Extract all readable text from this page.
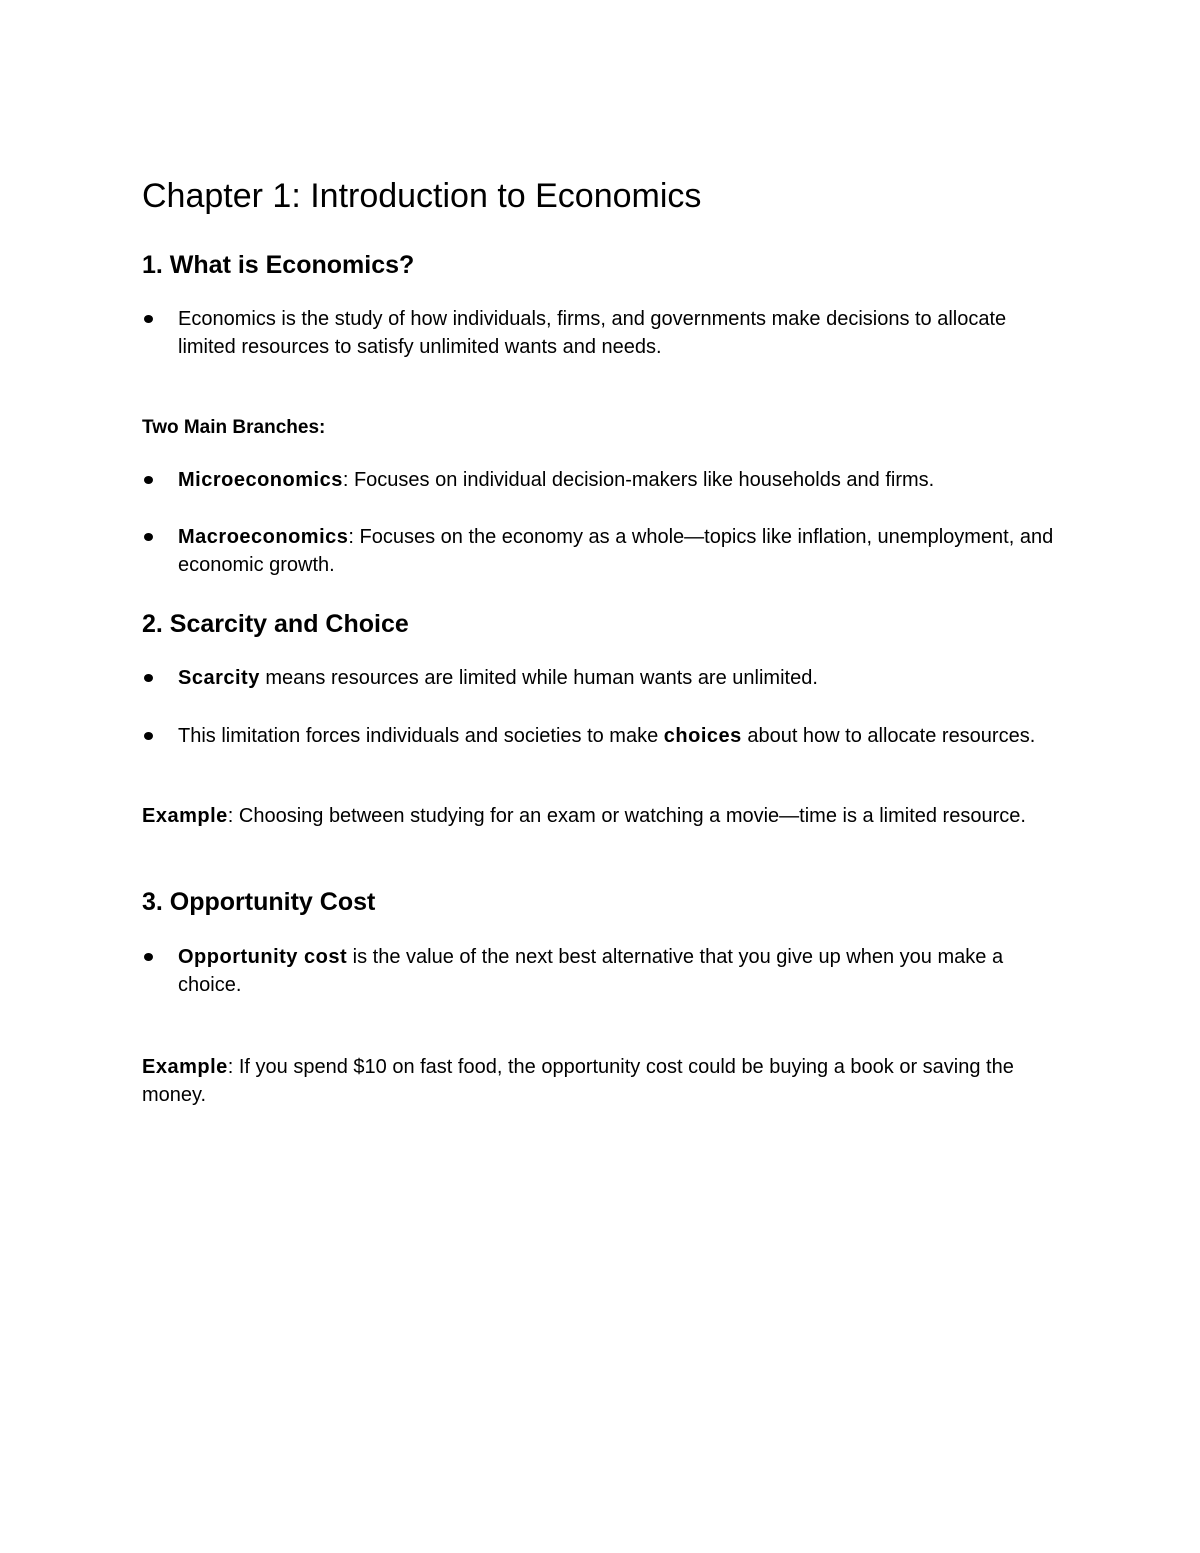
Chapter 1: Introduction to Economics
1. What is Economics?
Economics is the study of how individuals, firms, and governments make decisions to allocate limited resources to satisfy unlimited wants and needs.
Two Main Branches:
Microeconomics: Focuses on individual decision-makers like households and firms.
Macroeconomics: Focuses on the economy as a whole—topics like inflation, unemployment, and economic growth.
2. Scarcity and Choice
Scarcity means resources are limited while human wants are unlimited.
This limitation forces individuals and societies to make choices about how to allocate resources.
Example: Choosing between studying for an exam or watching a movie—time is a limited resource.
3. Opportunity Cost
Opportunity cost is the value of the next best alternative that you give up when you make a choice.
Example: If you spend $10 on fast food, the opportunity cost could be buying a book or saving the money.
